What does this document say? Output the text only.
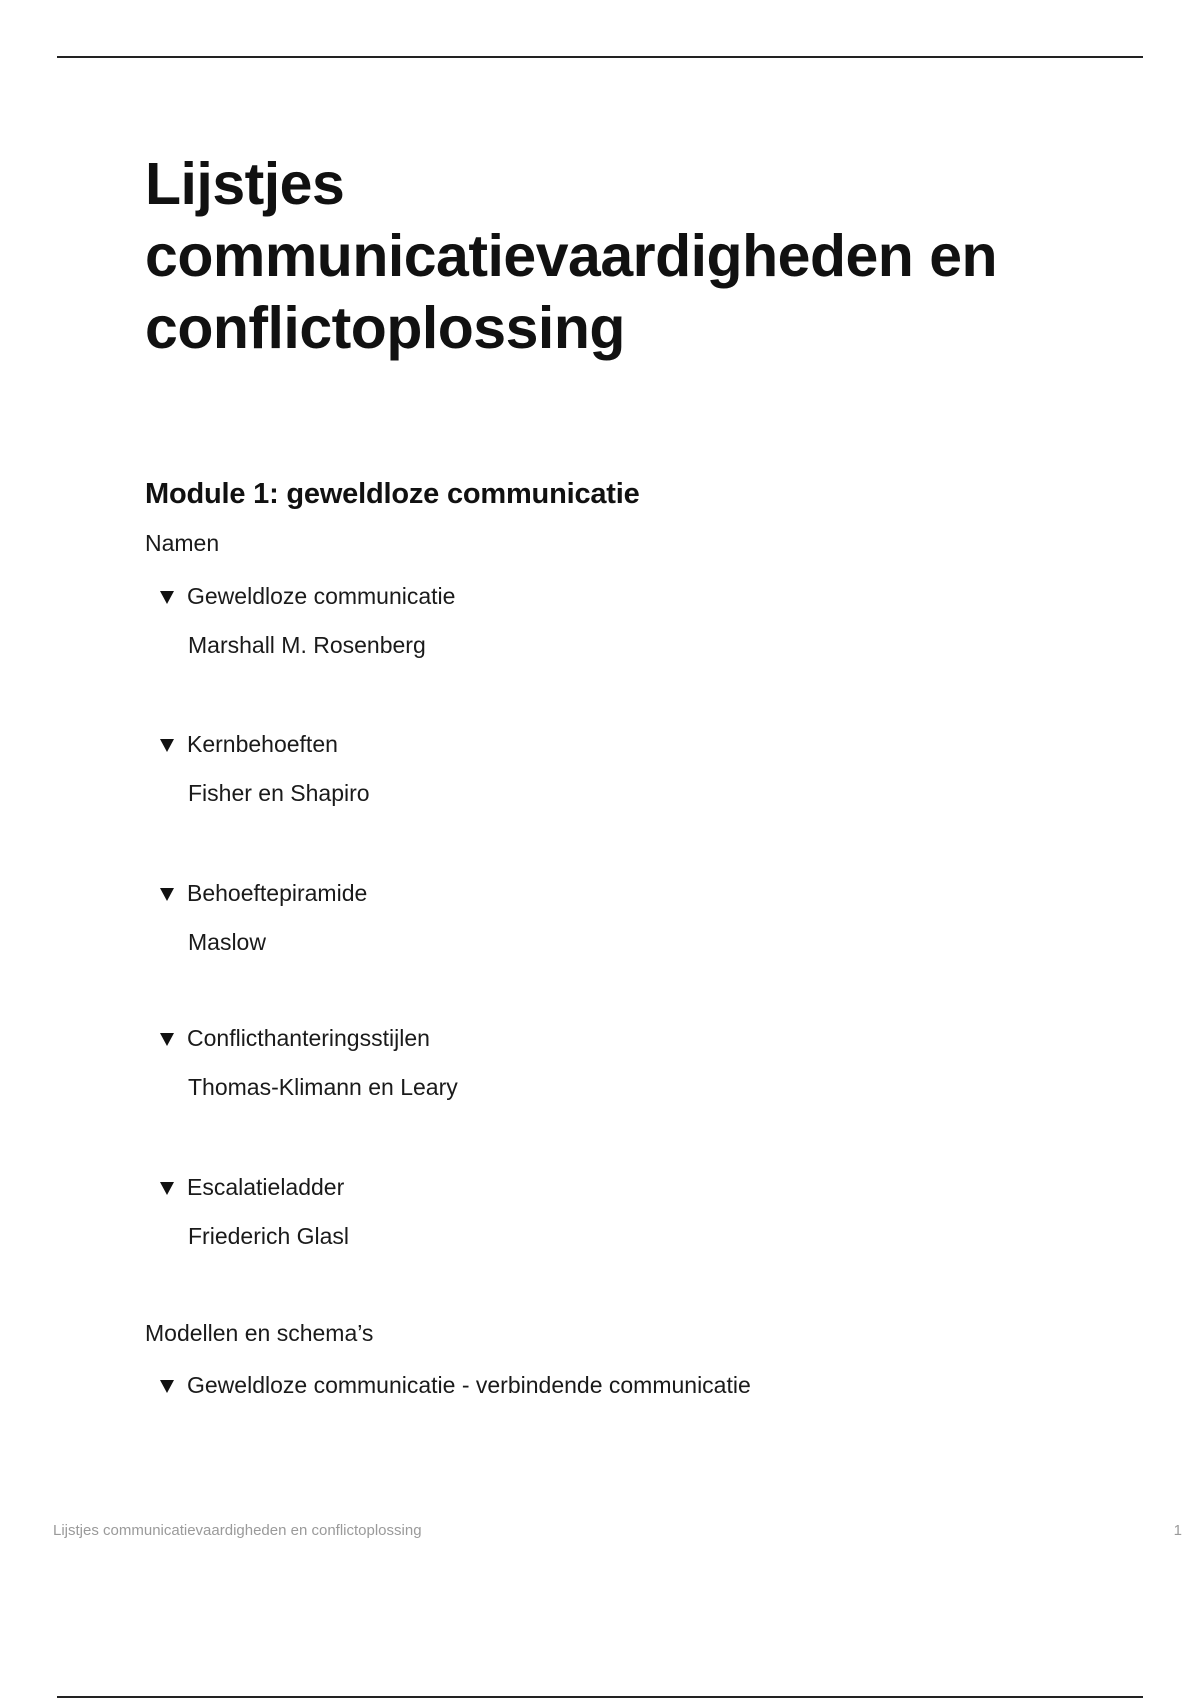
Lijstjes communicatievaardigheden en conflictoplossing
Module 1: geweldloze communicatie
Namen
Geweldloze communicatie
Marshall M. Rosenberg
Kernbehoeften
Fisher en Shapiro
Behoeftepiramide
Maslow
Conflicthanteringsstijlen
Thomas-Klimann en Leary
Escalatieladder
Friederich Glasl
Modellen en schema’s
Geweldloze communicatie - verbindende communicatie
Lijstjes communicatievaardigheden en conflictoplossing	1
